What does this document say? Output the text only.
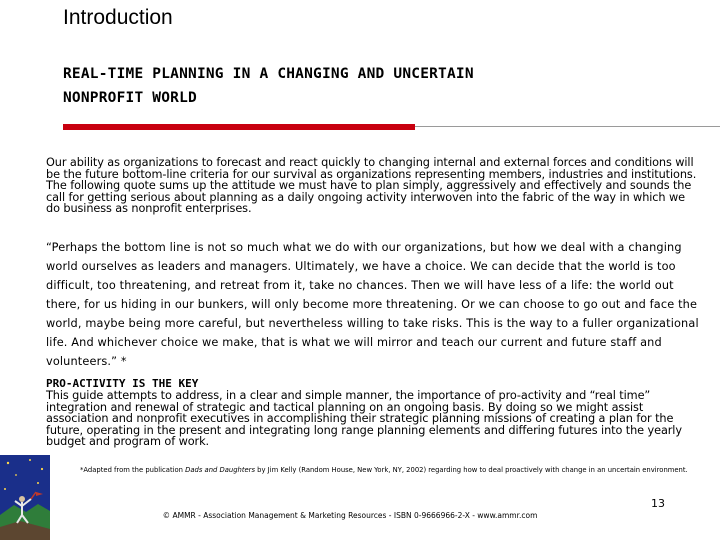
Introduction
REAL-TIME PLANNING IN A CHANGING AND UNCERTAIN
NONPROFIT WORLD
Our ability as organizations to forecast and react quickly to changing internal and external forces and conditions will be the future bottom-line criteria for our survival as organizations representing members, industries and institutions. The following quote sums up the attitude we must have to plan simply, aggressively and effectively and sounds the call for getting serious about planning as a daily ongoing activity interwoven into the fabric of the way in which we do business as nonprofit enterprises.
“Perhaps the bottom line is not so much what we do with our organizations, but how we deal with a changing world ourselves as leaders and managers. Ultimately, we have a choice. We can decide that the world is too difficult, too threatening, and retreat from it, take no chances. Then we will have less of a life: the world out there, for us hiding in our bunkers, will only become more threatening. Or we can choose to go out and face the world, maybe being more careful, but nevertheless willing to take risks. This is the way to a fuller organizational life. And whichever choice we make, that is what we will mirror and teach our current and future staff and volunteers.” *
PRO-ACTIVITY IS THE KEY
This guide attempts to address, in a clear and simple manner, the importance of pro-activity and “real time” integration and renewal of strategic and tactical planning on an ongoing basis. By doing so we might assist association and nonprofit executives in accomplishing their strategic planning missions of creating a plan for the future, operating in the present and integrating long range planning elements and differing futures into the yearly budget and program of work.
*Adapted from the publication Dads and Daughters by Jim Kelly (Random House, New York, NY, 2002) regarding how to deal proactively with change in an uncertain environment.
13
© AMMR - Association Management & Marketing Resources - ISBN 0-9666966-2-X - www.ammr.com
